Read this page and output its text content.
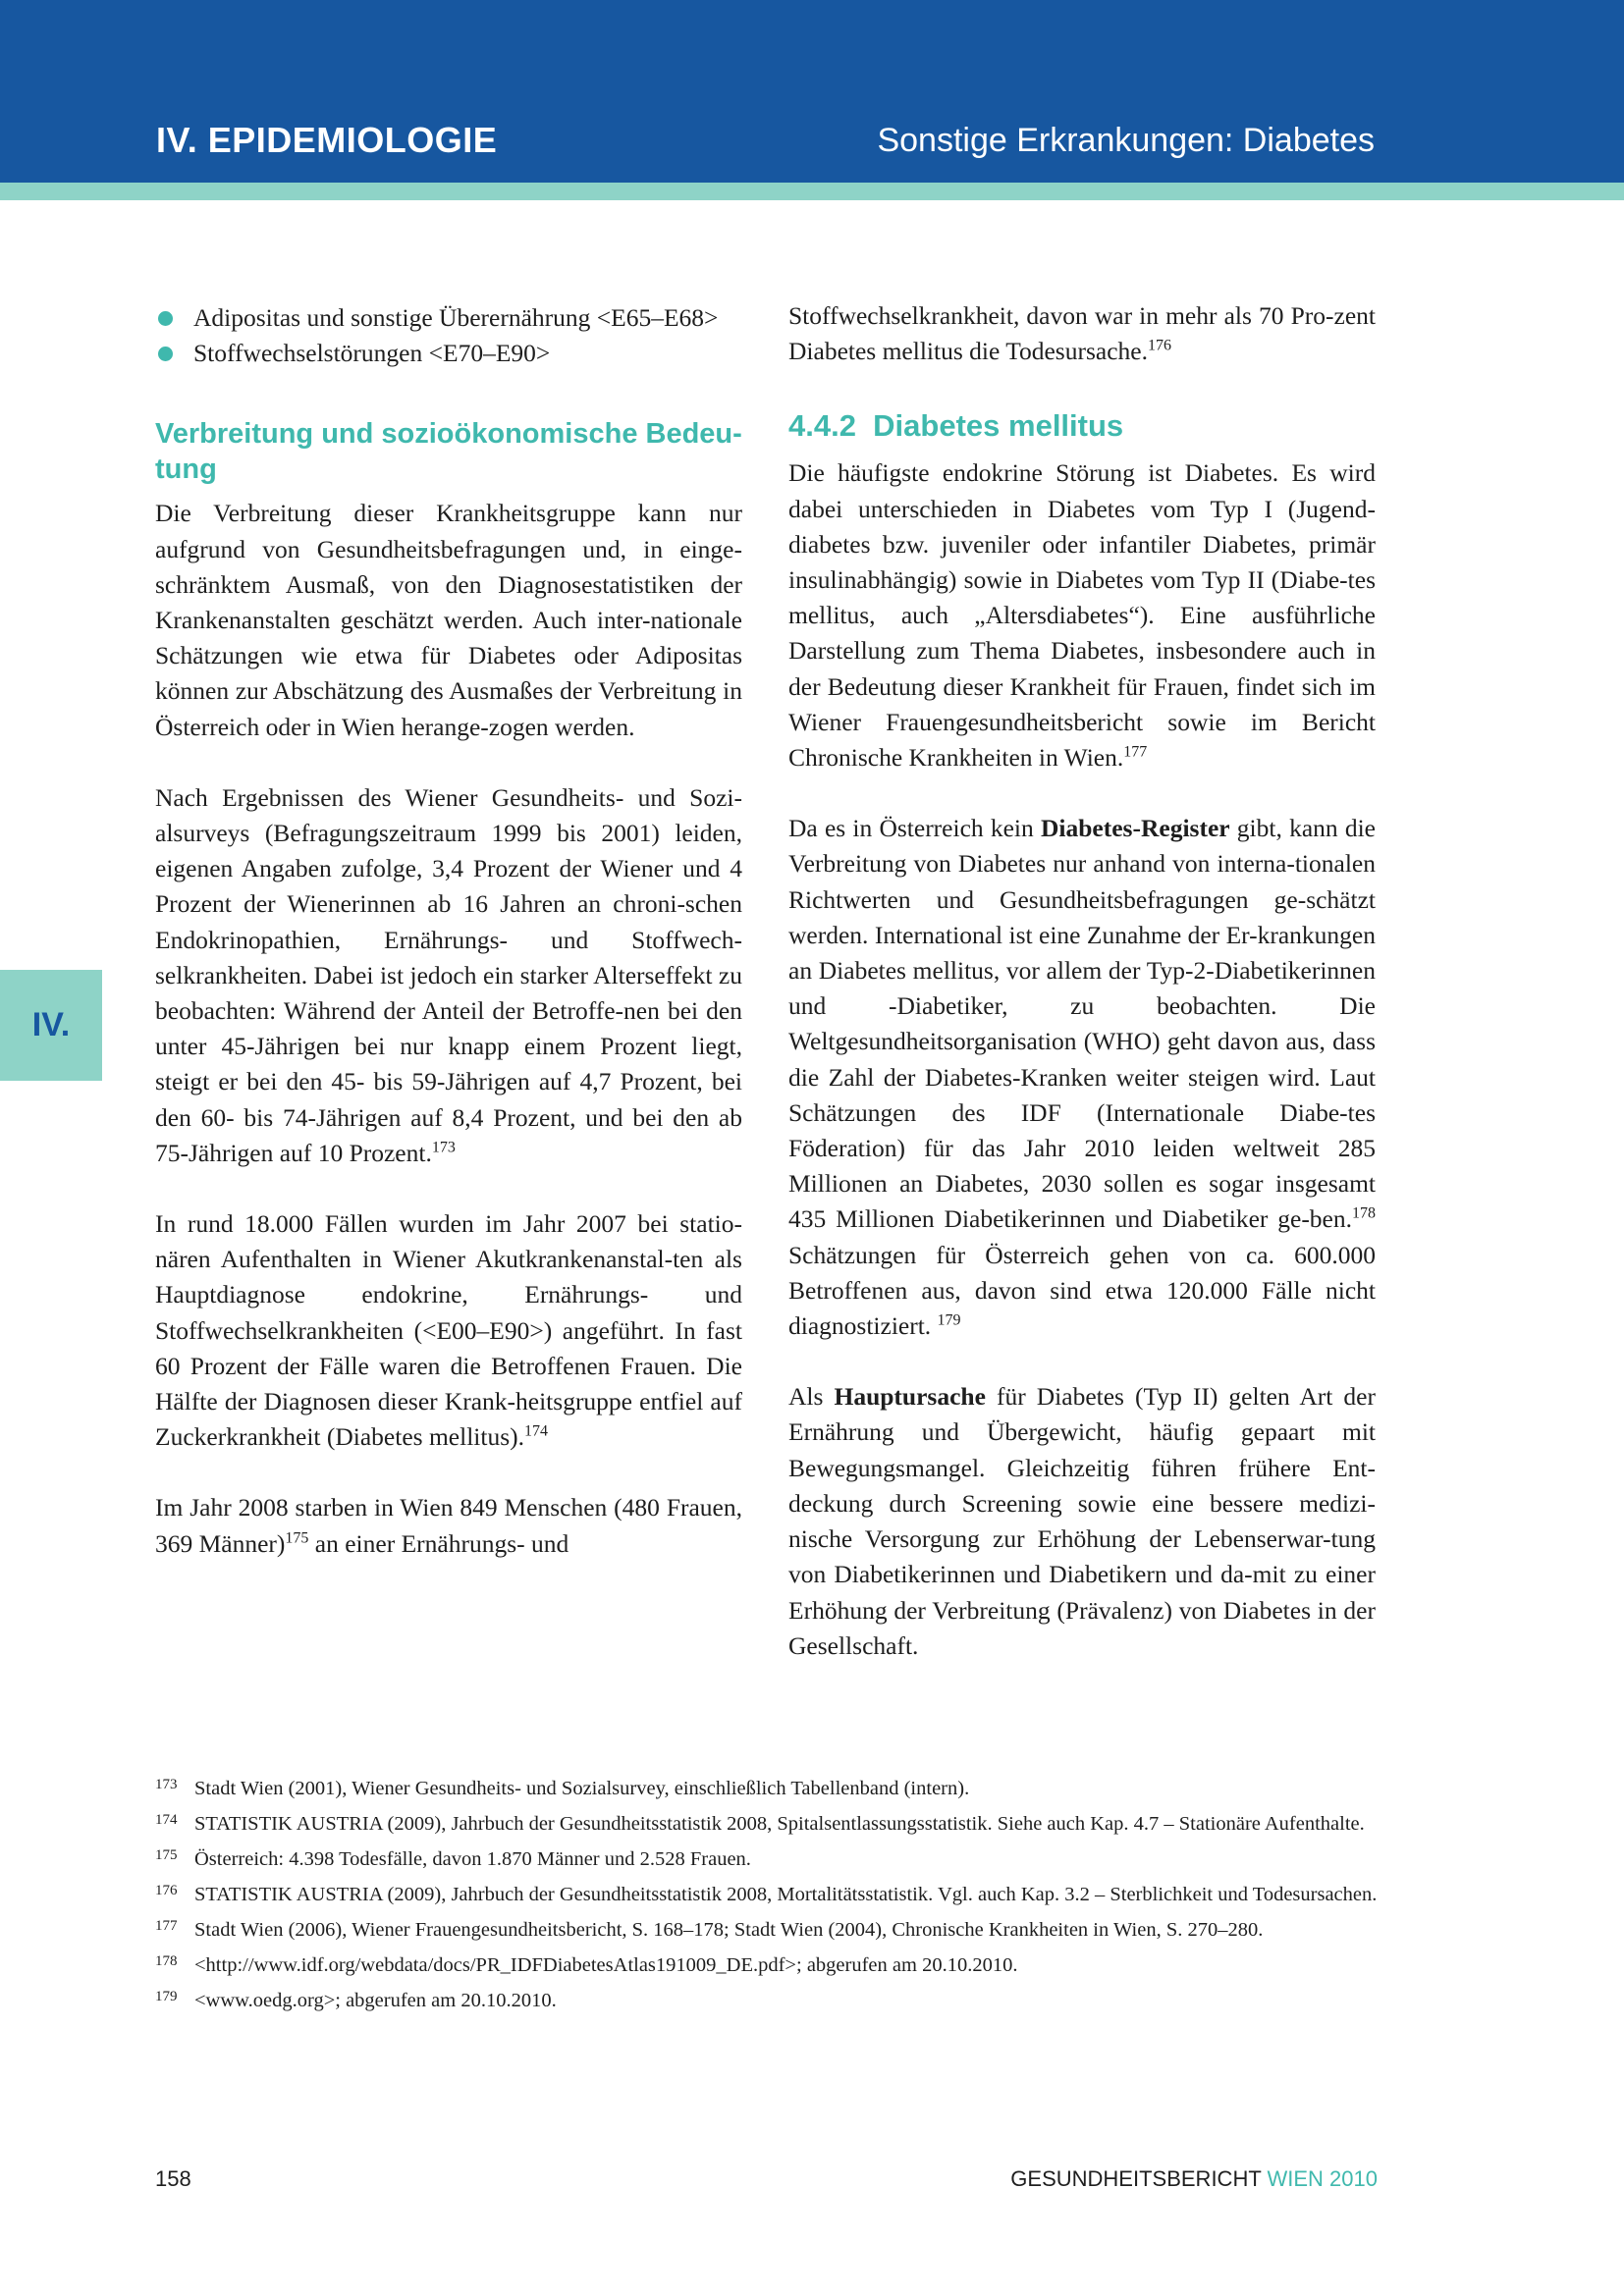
IV. EPIDEMIOLOGIE	Sonstige Erkrankungen: Diabetes
IV.
Adipositas und sonstige Überernährung <E65–E68>
Stoffwechselstörungen <E70–E90>
Verbreitung und sozioökonomische Bedeu-
tung

Die Verbreitung dieser Krankheitsgruppe kann nur aufgrund von Gesundheitsbefragungen und, in einge-schränktem Ausmaß, von den Diagnosestatistiken der Krankenanstalten geschätzt werden. Auch inter-nationale Schätzungen wie etwa für Diabetes oder Adipositas können zur Abschätzung des Ausmaßes der Verbreitung in Österreich oder in Wien herange-zogen werden.

Nach Ergebnissen des Wiener Gesundheits- und Sozi-alsurveys (Befragungszeitraum 1999 bis 2001) leiden, eigenen Angaben zufolge, 3,4 Prozent der Wiener und 4 Prozent der Wienerinnen ab 16 Jahren an chroni-schen Endokrinopathien, Ernährungs- und Stoffwech-selkrankheiten. Dabei ist jedoch ein starker Alterseffekt zu beobachten: Während der Anteil der Betroffe-nen bei den unter 45-Jährigen bei nur knapp einem Prozent liegt, steigt er bei den 45- bis 59-Jährigen auf 4,7 Prozent, bei den 60- bis 74-Jährigen auf 8,4 Prozent, und bei den ab 75-Jährigen auf 10 Prozent.$^{173}$

In rund 18.000 Fällen wurden im Jahr 2007 bei statio-nären Aufenthalten in Wiener Akutkrankenanstal-ten als Hauptdiagnose endokrine, Ernährungs- und Stoffwechselkrankheiten (<E00–E90>) angeführt. In fast 60 Prozent der Fälle waren die Betroffenen Frauen. Die Hälfte der Diagnosen dieser Krank-heitsgruppe entfiel auf Zuckerkrankheit (Diabetes mellitus).$^{174}$

Im Jahr 2008 starben in Wien 849 Menschen (480 Frauen, 369 Männer)$^{175}$ an einer Ernährungs- und

Stoffwechselkrankheit, davon war in mehr als 70 Pro-zent Diabetes mellitus die Todesursache.$^{176}$

4.4.2  Diabetes mellitus

Die häufigste endokrine Störung ist Diabetes. Es wird dabei unterschieden in Diabetes vom Typ I (Jugend-diabetes bzw. juveniler oder infantiler Diabetes, primär insulinabhängig) sowie in Diabetes vom Typ II (Diabe-tes mellitus, auch „Altersdiabetes“). Eine ausführliche Darstellung zum Thema Diabetes, insbesondere auch in der Bedeutung dieser Krankheit für Frauen, findet sich im Wiener Frauengesundheitsbericht sowie im Bericht Chronische Krankheiten in Wien.$^{177}$

Da es in Österreich kein Diabetes-Register gibt, kann die Verbreitung von Diabetes nur anhand von interna-tionalen Richtwerten und Gesundheitsbefragungen ge-schätzt werden. International ist eine Zunahme der Er-krankungen an Diabetes mellitus, vor allem der Typ-2-Diabetikerinnen und -Diabetiker, zu beobachten. Die Weltgesundheitsorganisation (WHO) geht davon aus, dass die Zahl der Diabetes-Kranken weiter steigen wird. Laut Schätzungen des IDF (Internationale Diabe-tes Föderation) für das Jahr 2010 leiden weltweit 285 Millionen an Diabetes, 2030 sollen es sogar insgesamt 435 Millionen Diabetikerinnen und Diabetiker ge-ben.$^{178}$ Schätzungen für Österreich gehen von ca. 600.000 Betroffenen aus, davon sind etwa 120.000 Fälle nicht diagnostiziert. $^{179}$

Als Hauptursache für Diabetes (Typ II) gelten Art der Ernährung und Übergewicht, häufig gepaart mit Bewegungsmangel. Gleichzeitig führen frühere Ent-deckung durch Screening sowie eine bessere medizi-nische Versorgung zur Erhöhung der Lebenserwar-tung von Diabetikerinnen und Diabetikern und da-mit zu einer Erhöhung der Verbreitung (Prävalenz) von Diabetes in der Gesellschaft.

173 Stadt Wien (2001), Wiener Gesundheits- und Sozialsurvey, einschließlich Tabellenband (intern).
174 STATISTIK AUSTRIA (2009), Jahrbuch der Gesundheitsstatistik 2008, Spitalsentlassungsstatistik. Siehe auch Kap. 4.7 – Stationäre Aufenthalte.
175 Österreich: 4.398 Todesfälle, davon 1.870 Männer und 2.528 Frauen.
176 STATISTIK AUSTRIA (2009), Jahrbuch der Gesundheitsstatistik 2008, Mortalitätsstatistik. Vgl. auch Kap. 3.2 – Sterblichkeit und Todesursachen.
177 Stadt Wien (2006), Wiener Frauengesundheitsbericht, S. 168–178; Stadt Wien (2004), Chronische Krankheiten in Wien, S. 270–280.
178 <http://www.idf.org/webdata/docs/PR_IDFDiabetesAtlas191009_DE.pdf>; abgerufen am 20.10.2010.
179 <www.oedg.org>; abgerufen am 20.10.2010.
158	GESUNDHEITSBERICHT WIEN 2010
